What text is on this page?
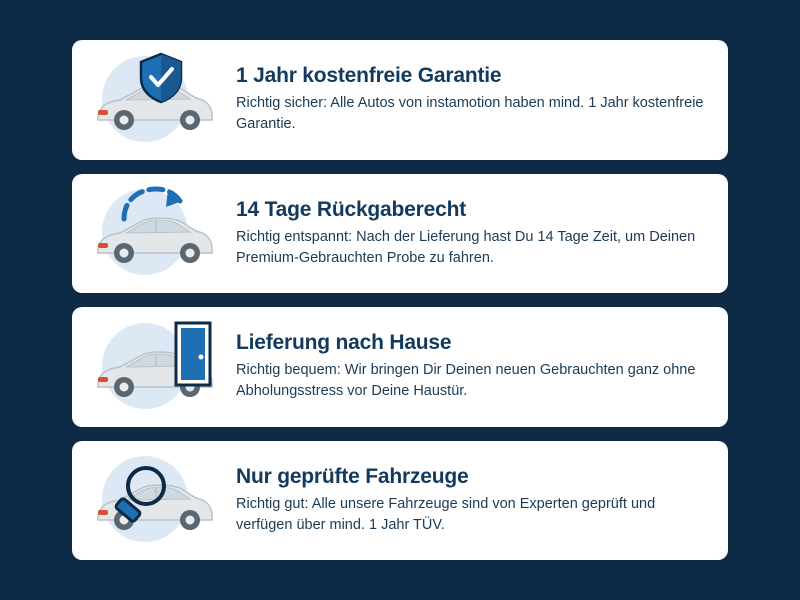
1 Jahr kostenfreie Garantie

Richtig sicher: Alle Autos von instamotion haben mind. 1 Jahr kostenfreie Garantie.

14 Tage Rückgaberecht

Richtig entspannt: Nach der Lieferung hast Du 14 Tage Zeit, um Deinen Premium-Gebrauchten Probe zu fahren.

Lieferung nach Hause

Richtig bequem: Wir bringen Dir Deinen neuen Gebrauchten ganz ohne Abholungsstress vor Deine Haustür.

Nur geprüfte Fahrzeuge

Richtig gut: Alle unsere Fahrzeuge sind von Experten geprüft und verfügen über mind. 1 Jahr TÜV.
